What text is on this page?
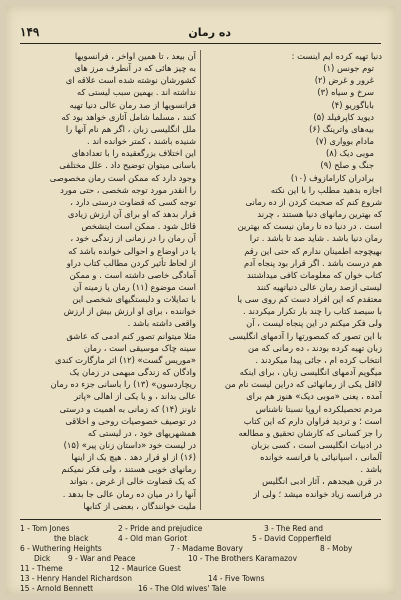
۱۴۹	ده رمان
دنیا تهیه کرده ایم اینست :
توم جونس (۱)
غرور و غرض (۲)
سرخ و سیاه (۳)
باباگوریو (۴)
دیوید کاپرفیلد (۵)
بیه‌های واترینگ (۶)
مادام بوواری (۷)
موبی دیک (۸)
جنگ و صلح (۹)
برادران کارامازوف (۱۰)
اجازه بدهید مطلب را با این نکته
شروع کنم که صحبت کردن از ده رمانی
که بهترین رمانهای دنیا هستند ، چرند
است . در دنیا ده تا رمان نیست که بهترین
رمان دنیا باشد . شاید صد تا باشد . ترا
بهیچوجه اطمینان ندارم که حتی این رقم
هم درست باشد . اگر قرار بود پنجاه آدم
کتاب خوان که معلومات کافی میداشتند
لیستی ازصد رمان عالی دنیاتهیه کنند
معتقدم که این افراد دست کم روی سی یا
با سیصد کتاب را چند بار تکرار میکردند .
ولی فکر میکنم در این پنجاه لیست ، آن
با این تصور که ‌کمصورتها را آدمهای انگلیسی
زبان تهیه کرده بودند ، ده رمانی که من
انتخاب کرده ام ، جائی پیدا میکردند .
میگویم آدمهای انگلیسی زبان ، برای اینکه
لااقل یکی از رمانهائی که دراین لیست نام من
آمده ، یعنی «موبی دیک» هنوز هم برای
مردم تحصیلکرده اروپا نسبتا ناشناس
است ؛ و تردید فراوان دارم که این کتاب
را جز کسانی که کارشان تحقیق و مطالعه
در ادبیات انگلیسی است ، کسی بزبان
آلمانی ، اسپانیائی یا فرانسه خوانده
باشد .
در قرن هیجدهم ، آثار ادبی انگلیس
در فرانسه زیاد خوانده میشد ؛ ولی از
آن بیعد ، تا همین اواخر ، فرانسویها
به چیز هائی که در آنطرف مرز های
کشورشان نوشته شده است علاقه ای
نداشته اند . بهمین سبب لیستی که
فرانسویها از صد رمان عالی دنیا تهیه
کنند ، مسلما شامل آثاری خواهد بود که
ملل انگلیسی زبان ، اگر هم نام آنها را
شنیده باشند ، کمتر خوانده اند .
این اختلاف بزرگعقیده را با تعدادهای
باسانی میتوان توضیح داد . علل مختلفی
وجود دارد که ممکن است رمان مخصوصی
را انقدر مورد توجه شخصی ، حتی مورد
توجه کسی که قضاوت درستی دارد ،
قرار بدهد که او برای آن ارزش زیادی
قائل شود . ممکن است اینشخص
آن رمان را در زمانی از زندگی خود ،
یا در اوضاع و احوالی خوانده باشد که
از لحاظ تأثیر کردن مطالب کتاب دراو
آمادگی خاصی داشته است . و ممکن
است موضوع (۱۱) رمان یا زمینه آن
با تمایلات و دلبستگیهای شخصی این
خواننده ، برای او ارزش بیش از ارزش
واقعی داشته باشد .
مثلا میتوانم تصور کنم ادمی که عاشق
سینه چاک موسیقی است ، رمان
«موریس گست» (۱۲) اثر مارگارت کندی
وادگان که زندگی مبهمی در زمان یک
ریچاردسون» (۱۳) را باسانی جزء ده رمان
عالی بداند ، و یا یکی از اهالی «پاتر
تاونز (۱۴) که زمانی به اهمیت و درستی
در توصیف خصوصیات روحی و اخلاقی
همشهریهای خود ، در لیستی که
در لیست خود «داستان زنان پیر» (۱۵)
(۱۶) از او قرار دهد . هیچ یک از اینها
رمانهای خوبی هستند ، ولی فکر نمیکنم
که یک قضاوت خالی از غرض ، بتواند
آنها را در میان ده رمان عالی جا بدهد .
ملیت خوانندگان ، بعضی از کتابها
1 - Tom Jones	2 - Pride and prejudice	3 - The Red and
the black	4 - Old man Goriot	5 - David Copperfield
6 - Wuthering Heights	7 - Madame Bovary	8 - Moby
Dick 9 - War and Peace	10 - The Brothers Karamazov
11 - Theme	12 - Maurice Guest
13 - Henry Handel Richardson	14 - Five Towns
15 - Arnold Bennett	16 - The Old wives' Tale
